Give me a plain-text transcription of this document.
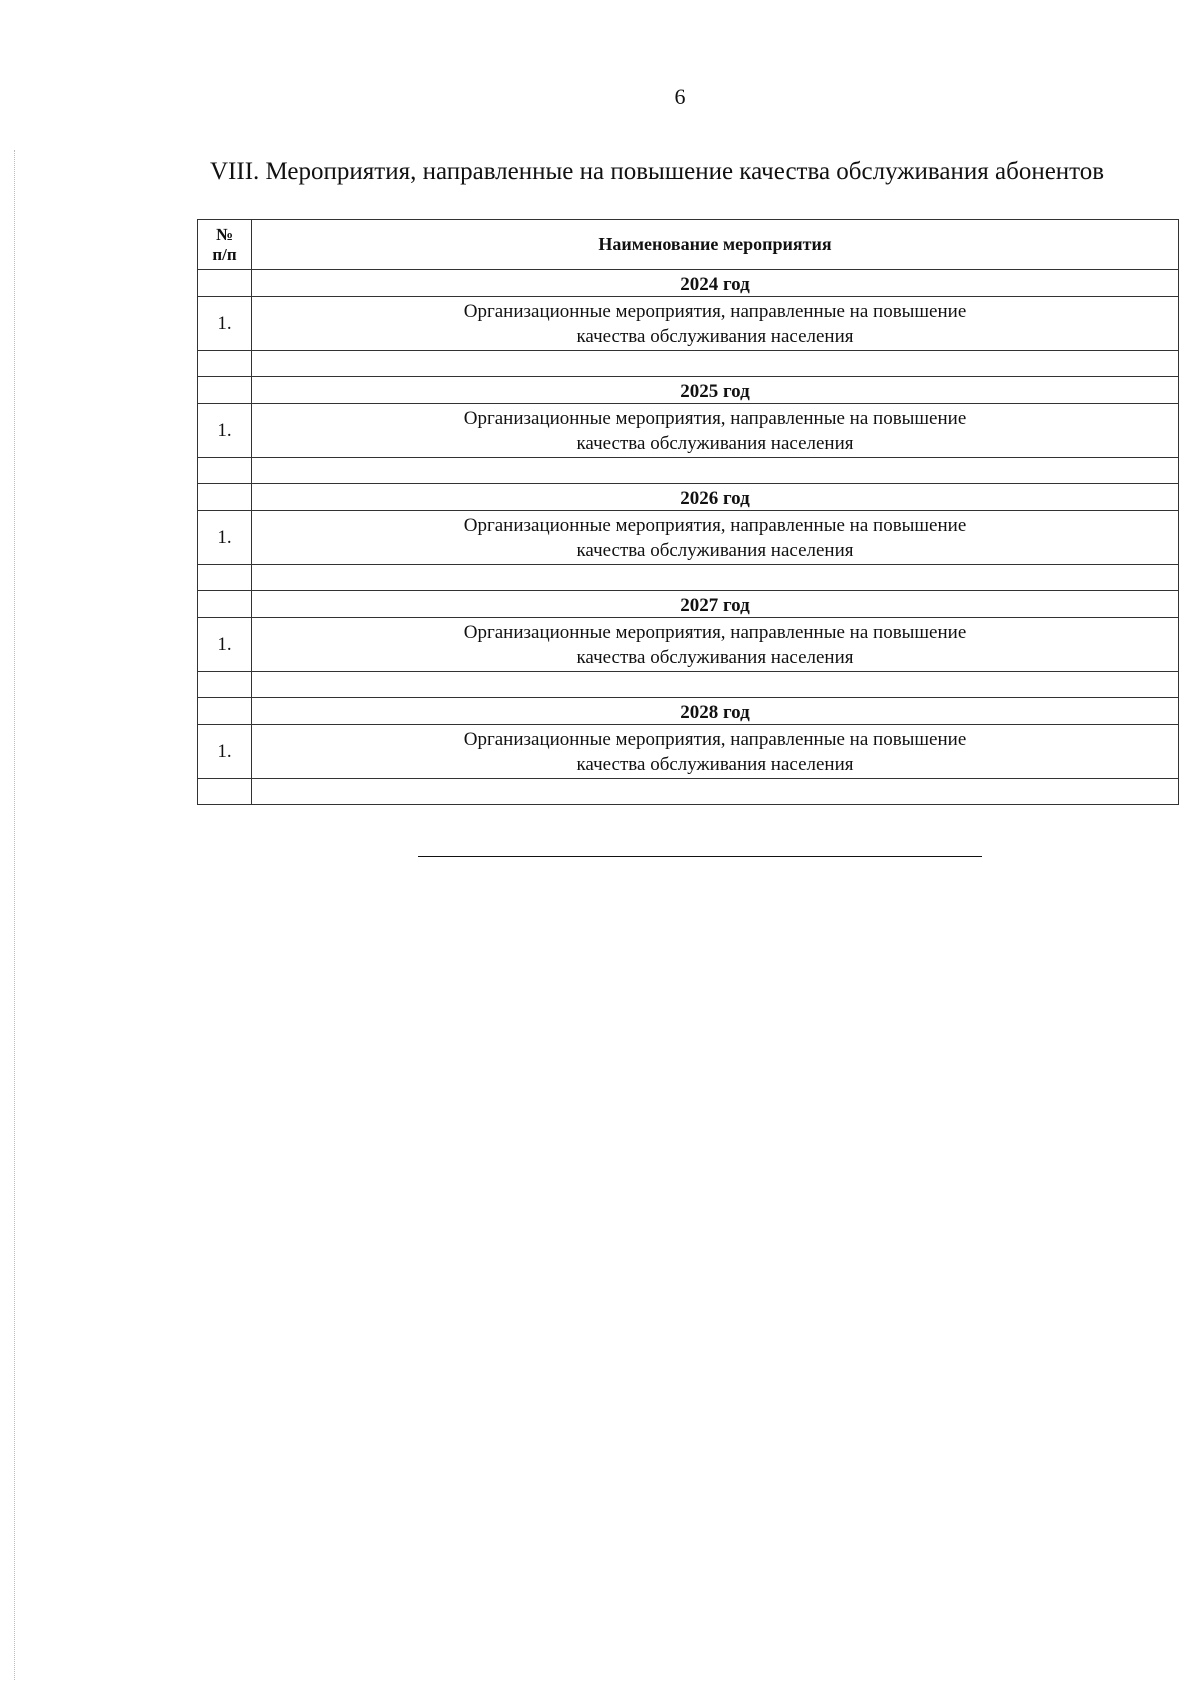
6
VIII. Мероприятия, направленные на повышение качества обслуживания абонентов
№
п/п	Наименование мероприятия
	2024 год
1.	Организационные мероприятия, направленные на повышение
качества обслуживания населения

	2025 год
1.	Организационные мероприятия, направленные на повышение
качества обслуживания населения

	2026 год
1.	Организационные мероприятия, направленные на повышение
качества обслуживания населения

	2027 год
1.	Организационные мероприятия, направленные на повышение
качества обслуживания населения

	2028 год
1.	Организационные мероприятия, направленные на повышение
качества обслуживания населения
